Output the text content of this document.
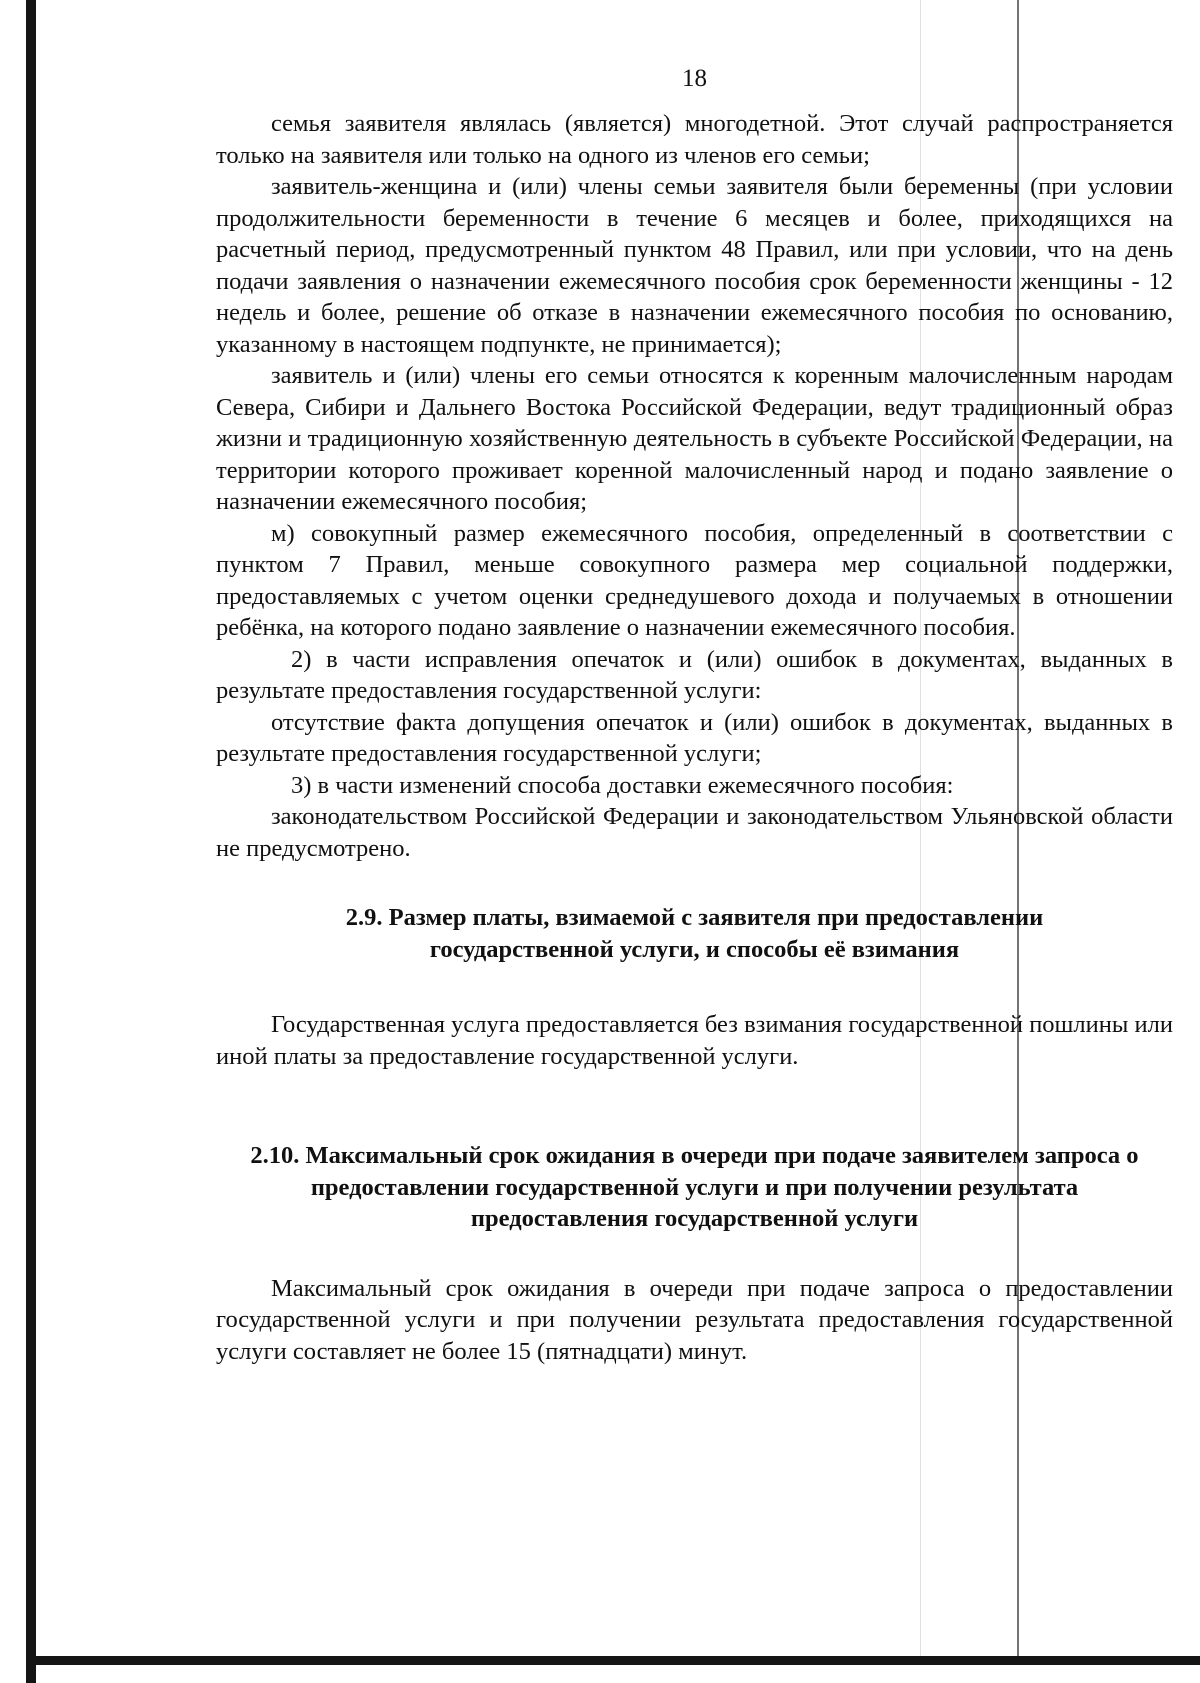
18

семья заявителя являлась (является) многодетной. Этот случай распространяется только на заявителя или только на одного из членов его семьи;

заявитель-женщина и (или) члены семьи заявителя были беременны (при условии продолжительности беременности в течение 6 месяцев и более, приходящихся на расчетный период, предусмотренный пунктом 48 Правил, или при условии, что на день подачи заявления о назначении ежемесячного пособия срок беременности женщины - 12 недель и более, решение об отказе в назначении ежемесячного пособия по основанию, указанному в настоящем подпункте, не принимается);

заявитель и (или) члены его семьи относятся к коренным малочисленным народам Севера, Сибири и Дальнего Востока Российской Федерации, ведут традиционный образ жизни и традиционную хозяйственную деятельность в субъекте Российской Федерации, на территории которого проживает коренной малочисленный народ и подано заявление о назначении ежемесячного пособия;

м) совокупный размер ежемесячного пособия, определенный в соответствии с пунктом 7 Правил, меньше совокупного размера мер социальной поддержки, предоставляемых с учетом оценки среднедушевого дохода и получаемых в отношении ребёнка, на которого подано заявление о назначении ежемесячного пособия.

2) в части исправления опечаток и (или) ошибок в документах, выданных в результате предоставления государственной услуги:

отсутствие факта допущения опечаток и (или) ошибок в документах, выданных в результате предоставления государственной услуги;

3) в части изменений способа доставки ежемесячного пособия:

законодательством Российской Федерации и законодательством Ульяновской области не предусмотрено.

2.9. Размер платы, взимаемой с заявителя при предоставлении государственной услуги, и способы её взимания

Государственная услуга предоставляется без взимания государственной пошлины или иной платы за предоставление государственной услуги.

2.10. Максимальный срок ожидания в очереди при подаче заявителем запроса о предоставлении государственной услуги и при получении результата предоставления государственной услуги

Максимальный срок ожидания в очереди при подаче запроса о предоставлении государственной услуги и при получении результата предоставления государственной услуги составляет не более 15 (пятнадцати) минут.
